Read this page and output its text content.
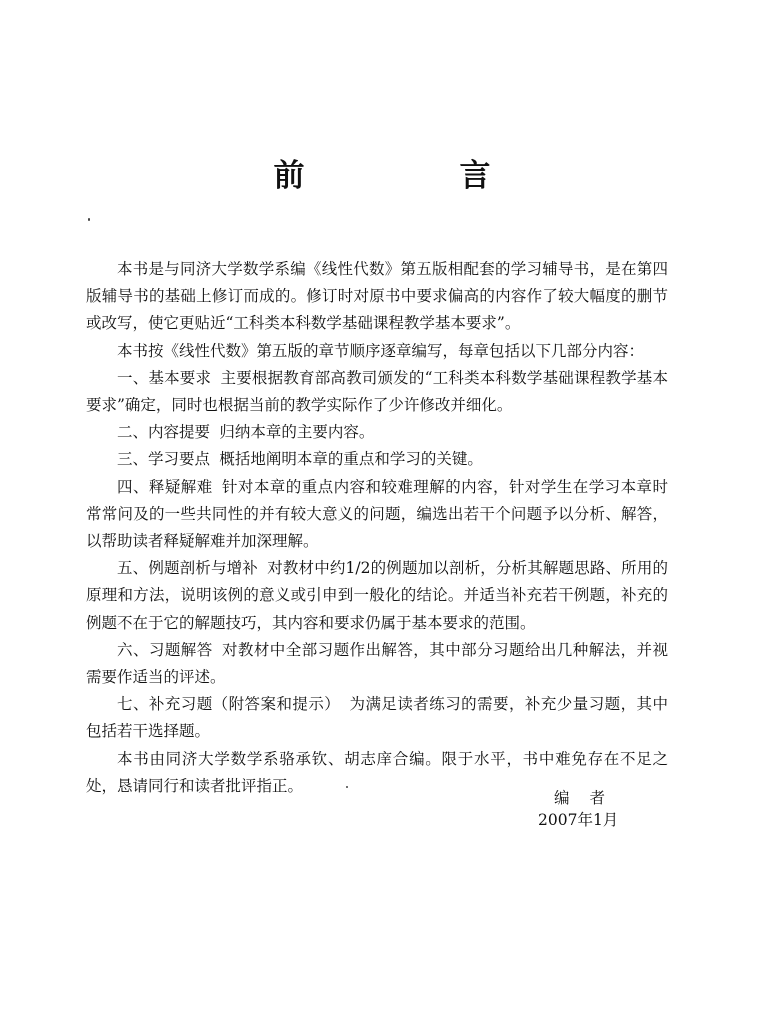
前　言

本书是与同济大学数学系编《线性代数》第五版相配套的学习辅导书，是在第四版辅导书的基础上修订而成的。修订时对原书中要求偏高的内容作了较大幅度的删节或改写，使它更贴近“工科类本科数学基础课程教学基本要求”。

本书按《线性代数》第五版的章节顺序逐章编写，每章包括以下几部分内容：

一、基本要求 主要根据教育部高教司颁发的“工科类本科数学基础课程教学基本要求”确定，同时也根据当前的教学实际作了少许修改并细化。

二、内容提要 归纳本章的主要内容。

三、学习要点 概括地阐明本章的重点和学习的关键。

四、释疑解难 针对本章的重点内容和较难理解的内容，针对学生在学习本章时常常问及的一些共同性的并有较大意义的问题，编选出若干个问题予以分析、解答，以帮助读者释疑解难并加深理解。

五、例题剖析与增补 对教材中约1/2的例题加以剖析，分析其解题思路、所用的原理和方法，说明该例的意义或引申到一般化的结论。并适当补充若干例题，补充的例题不在于它的解题技巧，其内容和要求仍属于基本要求的范围。

六、习题解答 对教材中全部习题作出解答，其中部分习题给出几种解法，并视需要作适当的评述。

七、补充习题（附答案和提示） 为满足读者练习的需要，补充少量习题，其中包括若干选择题。

本书由同济大学数学系骆承钦、胡志庠合编。限于水平，书中难免存在不足之处，恳请同行和读者批评指正。

编者
2007年1月
